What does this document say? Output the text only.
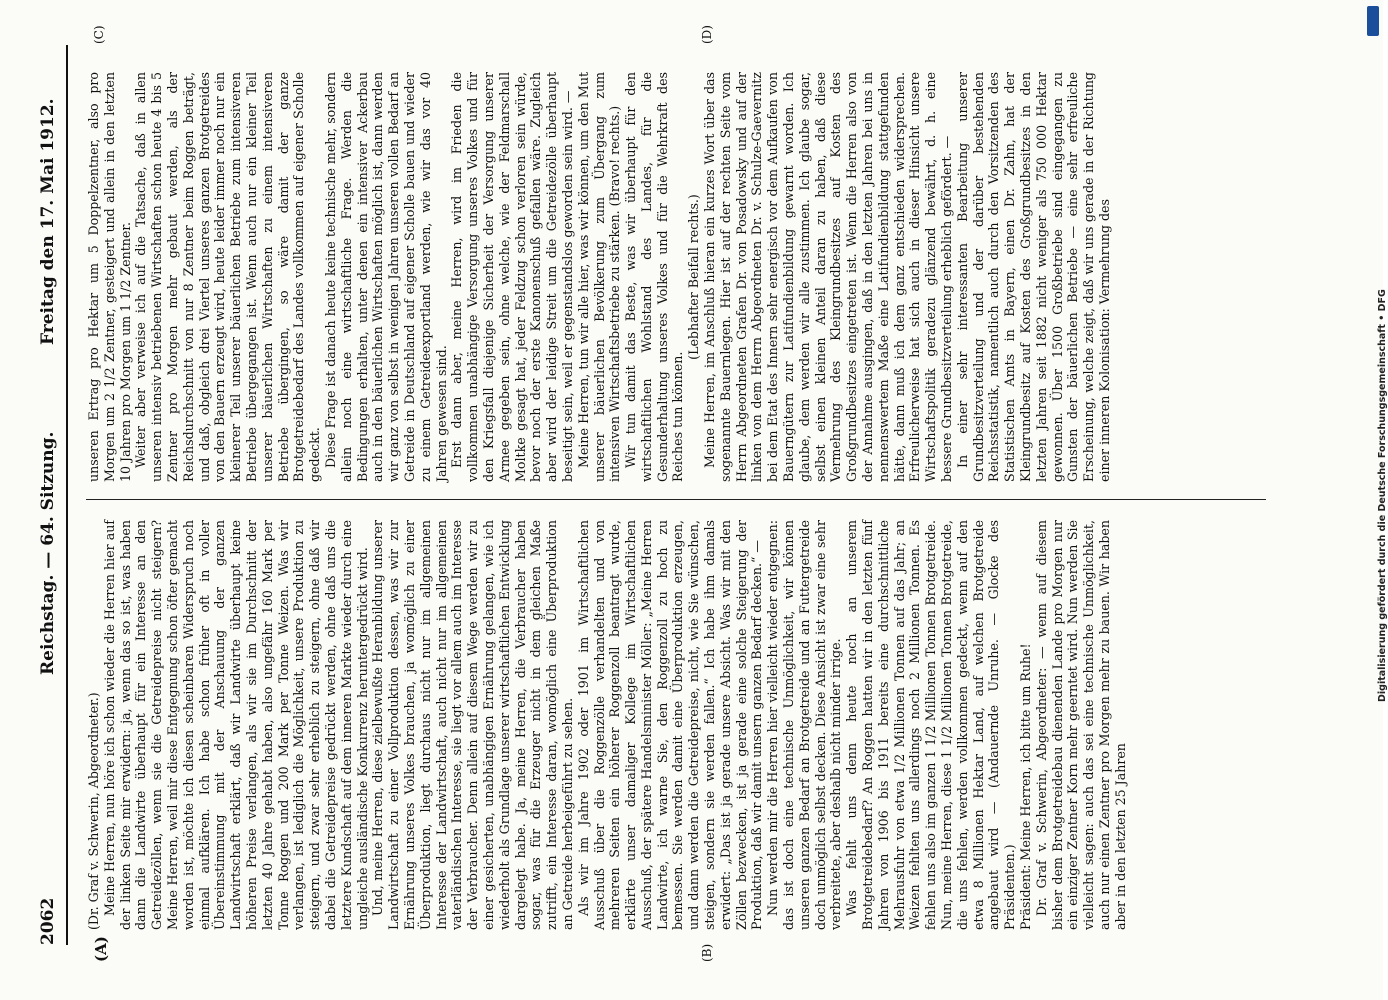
2062
Reichstag. — 64. Sitzung.
Freitag den 17. Mai 1912.
(A)	(B)
(C)	(D)

(Dr. Graf v. Schwerin, Abgeordneter.) Meine Herren, nun höre ich schon wieder die Herren hier auf der linken Seite mir erwidern: ja, wenn das so ist, was haben dann die Landwirte überhaupt für ein Interesse an den Getreidezöllen, wenn sie die Getreidepreise nicht steigern? Meine Herren, weil mir diese Entgegnung schon öfter gemacht worden ist, möchte ich diesen scheinbaren Widerspruch noch einmal aufklären. Ich habe schon früher oft in voller Übereinstimmung mit der Anschauung der ganzen Landwirtschaft erklärt, daß wir Landwirte überhaupt keine höheren Preise verlangen, als wir sie im Durchschnitt der letzten 40 Jahre gehabt haben, also ungefähr 160 Mark per Tonne Roggen und 200 Mark per Tonne Weizen. Was wir verlangen, ist lediglich die Möglichkeit, unsere Produktion zu steigern, und zwar sehr erheblich zu steigern, ohne daß wir dabei die Getreidepreise gedrückt werden, ohne daß uns die letztere Kundschaft auf dem inneren Markte wieder durch eine ungleiche ausländische Konkurrenz heruntergedrückt wird. Und, meine Herren, diese zielbewußte Heranbildung unserer Landwirtschaft zu einer Vollproduktion dessen, was wir zur Ernährung unseres Volkes brauchen, ja womöglich zu einer Überproduktion, liegt durchaus nicht nur im allgemeinen Interesse der Landwirtschaft, auch nicht nur im allgemeinen vaterländischen Interesse, sie liegt vor allem auch im Interesse der Verbraucher. Denn allein auf diesem Wege werden wir zu einer gesicherten, unabhängigen Ernährung gelangen, wie ich wiederholt als Grundlage unserer wirtschaftlichen Entwicklung dargelegt habe. Ja, meine Herren, die Verbraucher haben sogar, was für die Erzeuger nicht in dem gleichen Maße zutrifft, ein Interesse daran, womöglich eine Überproduktion an Getreide herbeigeführt zu sehen. Als wir im Jahre 1902 oder 1901 im Wirtschaftlichen Ausschuß über die Roggenzölle verhandelten und von mehreren Seiten ein höherer Roggenzoll beantragt wurde, erklärte unser damaliger Kollege im Wirtschaftlichen Ausschuß, der spätere Handelsminister Möller: „Meine Herren Landwirte, ich warne Sie, den Roggenzoll zu hoch zu bemessen. Sie werden damit eine Überproduktion erzeugen, und dann werden die Getreidepreise, nicht, wie Sie wünschen, steigen, sondern sie werden fallen.“ Ich habe ihm damals erwidert: „Das ist ja gerade unsere Absicht. Was wir mit den Zöllen bezwecken, ist ja gerade eine solche Steigerung der Produktion, daß wir damit unsern ganzen Bedarf decken.“ — Nun werden mir die Herren hier vielleicht wieder entgegnen: das ist doch eine technische Unmöglichkeit, wir können unseren ganzen Bedarf an Brotgetreide und an Futtergetreide doch unmöglich selbst decken. Diese Ansicht ist zwar eine sehr verbreitete, aber deshalb nicht minder irrige. Was fehlt uns denn heute noch an unserem Brotgetreidebedarf? An Roggen hatten wir in den letzten fünf Jahren von 1906 bis 1911 bereits eine durchschnittliche Mehrausfuhr von etwa 1/2 Millionen Tonnen auf das Jahr; an Weizen fehlten uns allerdings noch 2 Millionen Tonnen. Es fehlen uns also im ganzen 1 1/2 Millionen Tonnen Brotgetreide. Nun, meine Herren, diese 1 1/2 Millionen Tonnen Brotgetreide, die uns fehlen, werden vollkommen gedeckt, wenn auf den etwa 8 Millionen Hektar Land, auf welchen Brotgetreide angebaut wird — (Andauernde Unruhe. — Glocke des Präsidenten.) Präsident: Meine Herren, ich bitte um Ruhe! Dr. Graf v. Schwerin, Abgeordneter: — wenn auf diesem bisher dem Brotgetreidebau dienenden Lande pro Morgen nur ein einziger Zentner Korn mehr geerntet wird. Nun werden Sie vielleicht sagen: auch das sei eine technische Unmöglichkeit, auch nur einen Zentner pro Morgen mehr zu bauen. Wir haben aber in den letzten 25 Jahren

unseren Ertrag pro Hektar um 5 Doppelzentner, also pro Morgen um 2 1/2 Zentner, gesteigert und allein in den letzten 10 Jahren pro Morgen um 1 1/2 Zentner. Weiter aber verweise ich auf die Tatsache, daß in allen unseren intensiv betriebenen Wirtschaften schon heute 4 bis 5 Zentner pro Morgen mehr gebaut werden, als der Reichsdurchschnitt von nur 8 Zentner beim Roggen beträgt, und daß, obgleich drei Viertel unseres ganzen Brotgetreides von den Bauern erzeugt wird, heute leider immer noch nur ein kleinerer Teil unserer bäuerlichen Betriebe zum intensiveren Betriebe übergegangen ist. Wenn auch nur ein kleiner Teil unserer bäuerlichen Wirtschaften zu einem intensiveren Betriebe übergingen, so wäre damit der ganze Brotgetreidebedarf des Landes vollkommen auf eigener Scholle gedeckt. Diese Frage ist danach heute keine technische mehr, sondern allein noch eine wirtschaftliche Frage. Werden die Bedingungen erhalten, unter denen ein intensiver Ackerbau auch in den bäuerlichen Wirtschaften möglich ist, dann werden wir ganz von selbst in wenigen Jahren unseren vollen Bedarf an Getreide in Deutschland auf eigener Scholle bauen und wieder zu einem Getreideexportland werden, wie wir das vor 40 Jahren gewesen sind. Erst dann aber, meine Herren, wird im Frieden die vollkommen unabhängige Versorgung unseres Volkes und für den Kriegsfall diejenige Sicherheit der Versorgung unserer Armee gegeben sein, ohne welche, wie der Feldmarschall Moltke gesagt hat, jeder Feldzug schon verloren sein würde, bevor noch der erste Kanonenschuß gefallen wäre. Zugleich aber wird der leidige Streit um die Getreidezölle überhaupt beseitigt sein, weil er gegenstandslos geworden sein wird. — Meine Herren, tun wir alle hier, was wir können, um den Mut unserer bäuerlichen Bevölkerung zum Übergang zum intensiven Wirtschaftsbetriebe zu stärken. (Bravo! rechts.) Wir tun damit das Beste, was wir überhaupt für den wirtschaftlichen Wohlstand des Landes, für die Gesunderhaltung unseres Volkes und für die Wehrkraft des Reiches tun können.

(Lebhafter Beifall rechts.) Meine Herren, im Anschluß hieran ein kurzes Wort über das sogenannte Bauernlegen. Hier ist auf der rechten Seite vom Herrn Abgeordneten Grafen Dr. von Posadowsky und auf der linken von dem Herrn Abgeordneten Dr. v. Schulze-Gaevernitz bei dem Etat des Innern sehr energisch vor dem Aufkaufen von Bauerngütern zur Latifundienbildung gewarnt worden. Ich glaube, dem werden wir alle zustimmen. Ich glaube sogar, selbst einen kleinen Anteil daran zu haben, daß diese Vermehrung des Kleingrundbesitzes auf Kosten des Großgrundbesitzes eingetreten ist. Wenn die Herren also von der Annahme ausgingen, daß in den letzten Jahren bei uns in nennenswertem Maße eine Latifundienbildung stattgefunden hätte, dann muß ich dem ganz entschieden widersprechen. Erfreulicherweise hat sich auch in dieser Hinsicht unsere Wirtschaftspolitik geradezu glänzend bewährt, d. h. eine bessere Grundbesitzverteilung erheblich gefördert. — In einer sehr interessanten Bearbeitung unserer Grundbesitzverteilung und der darüber bestehenden Reichsstatistik, namentlich auch durch den Vorsitzenden des Statistischen Amts in Bayern, einen Dr. Zahn, hat der Kleingrundbesitz auf Kosten des Großgrundbesitzes in den letzten Jahren seit 1882 nicht weniger als 750 000 Hektar gewonnen. Über 1500 Großbetriebe sind eingegangen zu Gunsten der bäuerlichen Betriebe — eine sehr erfreuliche Erscheinung, welche zeigt, daß wir uns gerade in der Richtung einer inneren Kolonisation: Vermehrung des	Digitalisierung gefördert durch die Deutsche Forschungsgemeinschaft • DFG
